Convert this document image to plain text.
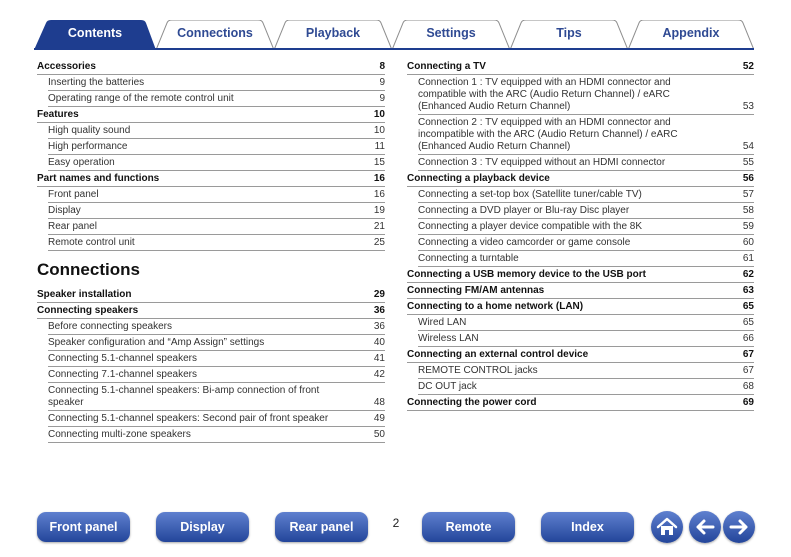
Contents	Connections	Playback	Settings	Tips	Appendix
Accessories	8
Inserting the batteries	9
Operating range of the remote control unit	9
Features	10
High quality sound	10
High performance	11
Easy operation	15
Part names and functions	16
Front panel	16
Display	19
Rear panel	21
Remote control unit	25
Connections
Speaker installation	29
Connecting speakers	36
Before connecting speakers	36
Speaker configuration and “Amp Assign” settings	40
Connecting 5.1-channel speakers	41
Connecting 7.1-channel speakers	42
Connecting 5.1-channel speakers: Bi-amp connection of front speaker	48
Connecting 5.1-channel speakers: Second pair of front speaker	49
Connecting multi-zone speakers	50
Connecting a TV	52
Connection 1 : TV equipped with an HDMI connector and compatible with the ARC (Audio Return Channel) / eARC (Enhanced Audio Return Channel)	53
Connection 2 : TV equipped with an HDMI connector and incompatible with the ARC (Audio Return Channel) / eARC (Enhanced Audio Return Channel)	54
Connection 3 : TV equipped without an HDMI connector	55
Connecting a playback device	56
Connecting a set-top box (Satellite tuner/cable TV)	57
Connecting a DVD player or Blu-ray Disc player	58
Connecting a player device compatible with the 8K	59
Connecting a video camcorder or game console	60
Connecting a turntable	61
Connecting a USB memory device to the USB port	62
Connecting FM/AM antennas	63
Connecting to a home network (LAN)	65
Wired LAN	65
Wireless LAN	66
Connecting an external control device	67
REMOTE CONTROL jacks	67
DC OUT jack	68
Connecting the power cord	69
Front panel	Display	Rear panel	2	Remote	Index
